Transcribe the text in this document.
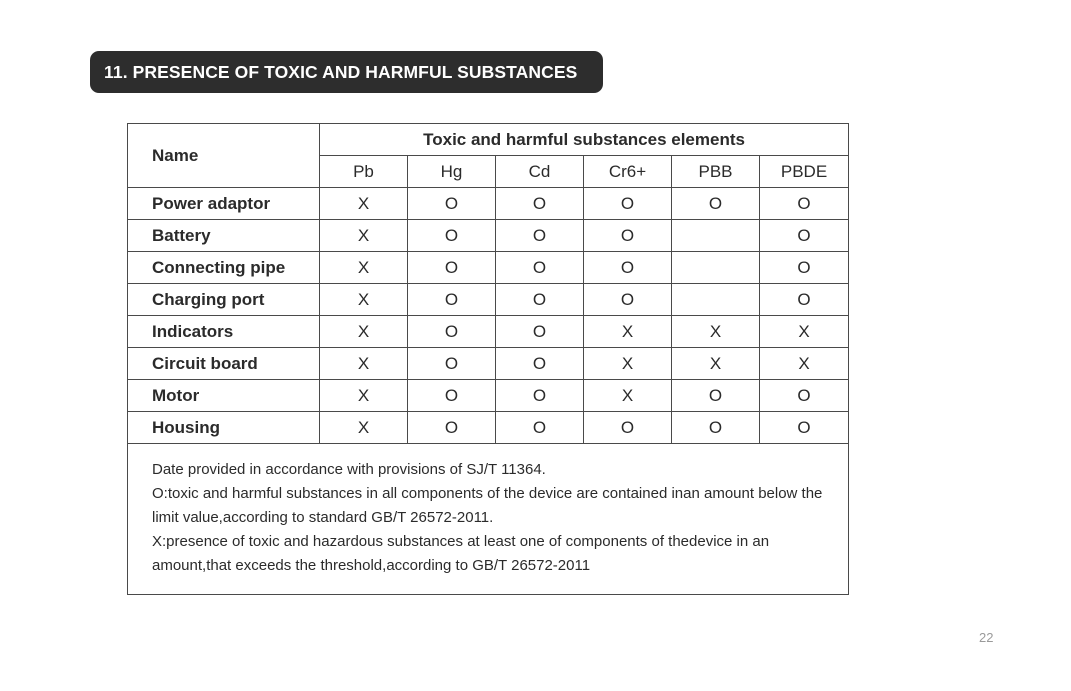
11. PRESENCE OF TOXIC AND HARMFUL SUBSTANCES
Name	Toxic and harmful substances elements					
	Pb	Hg	Cd	Cr6+	PBB	PBDE
Power adaptor	X	O	O	O	O	O
Battery	X	O	O	O		O
Connecting pipe	X	O	O	O		O
Charging port	X	O	O	O		O
Indicators	X	O	O	X	X	X
Circuit board	X	O	O	X	X	X
Motor	X	O	O	X	O	O
Housing	X	O	O	O	O	O

Date provided in accordance with provisions of SJ/T 11364.

O:toxic and harmful substances in all components of the device are contained inan amount below the limit value,according to standard GB/T 26572-2011.

X:presence of toxic and hazardous substances at least one of components of thedevice in an amount,that exceeds the threshold,according to GB/T 26572-2011						

22
